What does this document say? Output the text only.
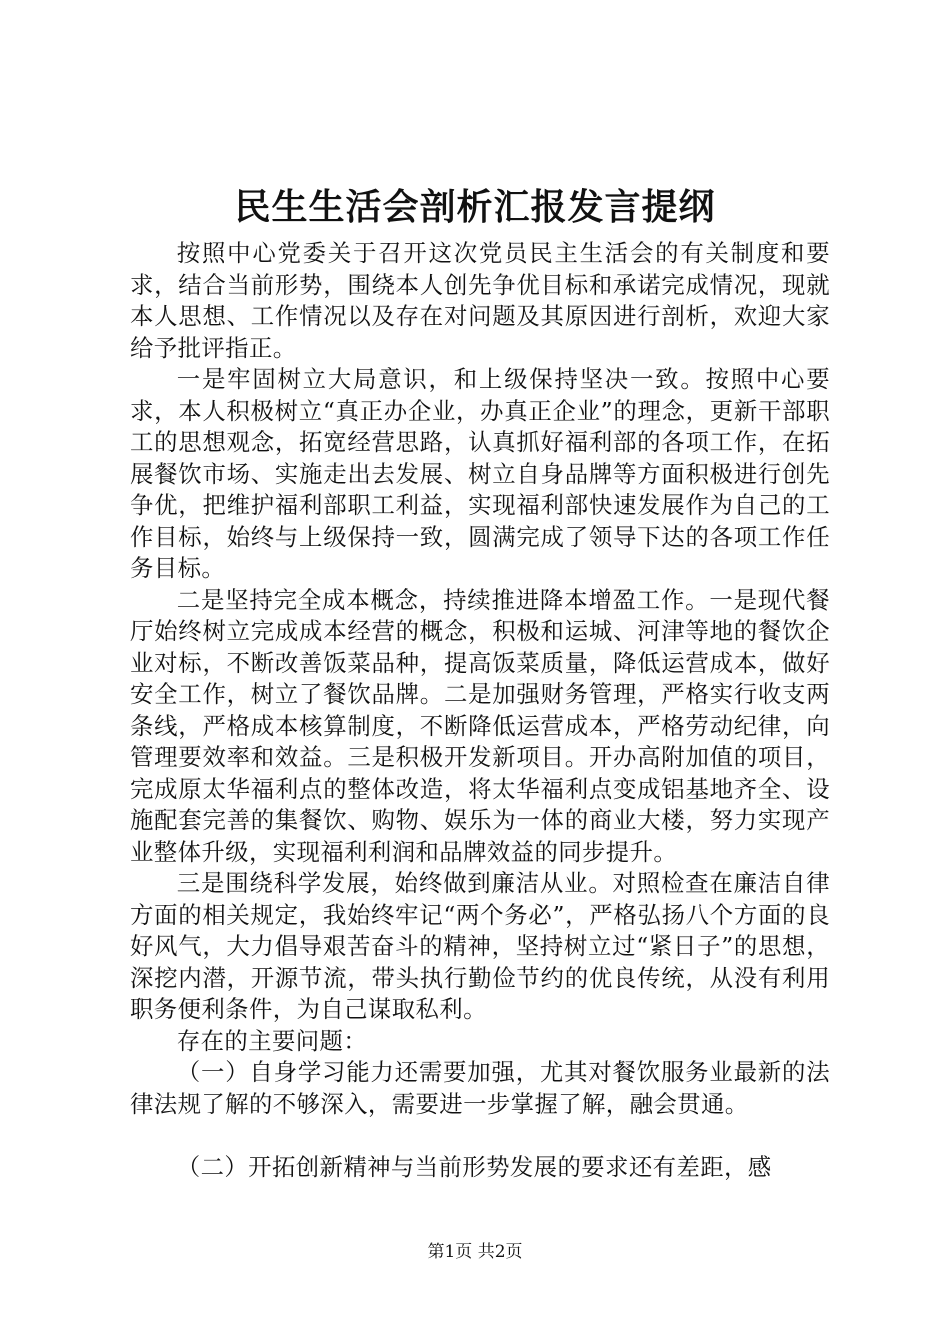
民生生活会剖析汇报发言提纲

按照中心党委关于召开这次党员民主生活会的有关制度和要求，结合当前形势，围绕本人创先争优目标和承诺完成情况，现就本人思想、工作情况以及存在对问题及其原因进行剖析，欢迎大家给予批评指正。

一是牢固树立大局意识，和上级保持坚决一致。按照中心要求，本人积极树立“真正办企业，办真正企业”的理念，更新干部职工的思想观念，拓宽经营思路，认真抓好福利部的各项工作，在拓展餐饮市场、实施走出去发展、树立自身品牌等方面积极进行创先争优，把维护福利部职工利益，实现福利部快速发展作为自己的工作目标，始终与上级保持一致，圆满完成了领导下达的各项工作任务目标。

二是坚持完全成本概念，持续推进降本增盈工作。一是现代餐厅始终树立完成成本经营的概念，积极和运城、河津等地的餐饮企业对标，不断改善饭菜品种，提高饭菜质量，降低运营成本，做好安全工作，树立了餐饮品牌。二是加强财务管理，严格实行收支两条线，严格成本核算制度，不断降低运营成本，严格劳动纪律，向管理要效率和效益。三是积极开发新项目。开办高附加值的项目，完成原太华福利点的整体改造，将太华福利点变成铝基地齐全、设施配套完善的集餐饮、购物、娱乐为一体的商业大楼，努力实现产业整体升级，实现福利利润和品牌效益的同步提升。

三是围绕科学发展，始终做到廉洁从业。对照检查在廉洁自律方面的相关规定，我始终牢记“两个务必”，严格弘扬八个方面的良好风气，大力倡导艰苦奋斗的精神，坚持树立过“紧日子”的思想，深挖内潜，开源节流，带头执行勤俭节约的优良传统，从没有利用职务便利条件，为自己谋取私利。

存在的主要问题：

（一）自身学习能力还需要加强，尤其对餐饮服务业最新的法律法规了解的不够深入，需要进一步掌握了解，融会贯通。

（二）开拓创新精神与当前形势发展的要求还有差距，感

第1页 共2页
